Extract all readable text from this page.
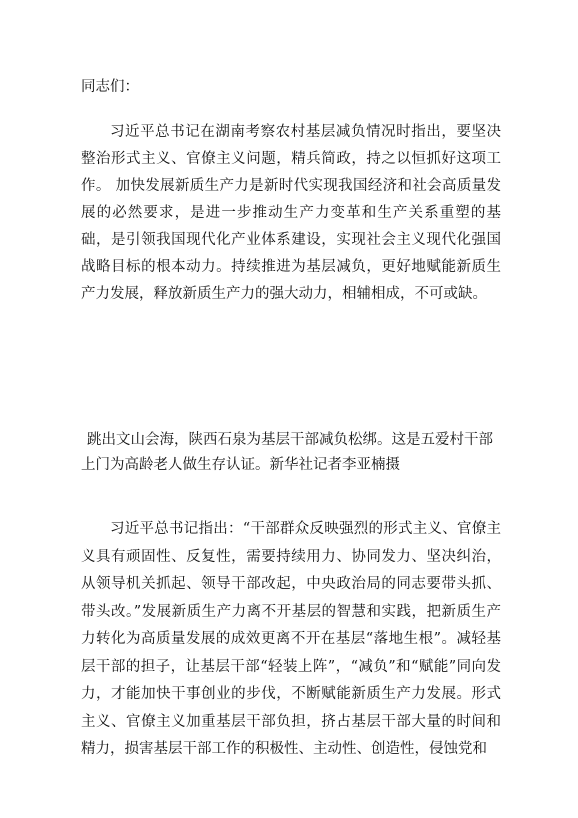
同志们：

习近平总书记在湖南考察农村基层减负情况时指出，要坚决整治形式主义、官僚主义问题，精兵简政，持之以恒抓好这项工作。 加快发展新质生产力是新时代实现我国经济和社会高质量发展的必然要求，是进一步推动生产力变革和生产关系重塑的基础，是引领我国现代化产业体系建设，实现社会主义现代化强国战略目标的根本动力。持续推进为基层减负，更好地赋能新质生产力发展，释放新质生产力的强大动力，相辅相成，不可或缺。

跳出文山会海，陕西石泉为基层干部减负松绑。这是五爱村干部上门为高龄老人做生存认证。新华社记者李亚楠摄

习近平总书记指出：“干部群众反映强烈的形式主义、官僚主义具有顽固性、反复性，需要持续用力、协同发力、坚决纠治，从领导机关抓起、领导干部改起，中央政治局的同志要带头抓、带头改。”发展新质生产力离不开基层的智慧和实践，把新质生产力转化为高质量发展的成效更离不开在基层“落地生根”。减轻基层干部的担子，让基层干部“轻装上阵”，“减负”和“赋能”同向发力，才能加快干事创业的步伐，不断赋能新质生产力发展。形式主义、官僚主义加重基层干部负担，挤占基层干部大量的时间和精力，损害基层干部工作的积极性、主动性、创造性，侵蚀党和
